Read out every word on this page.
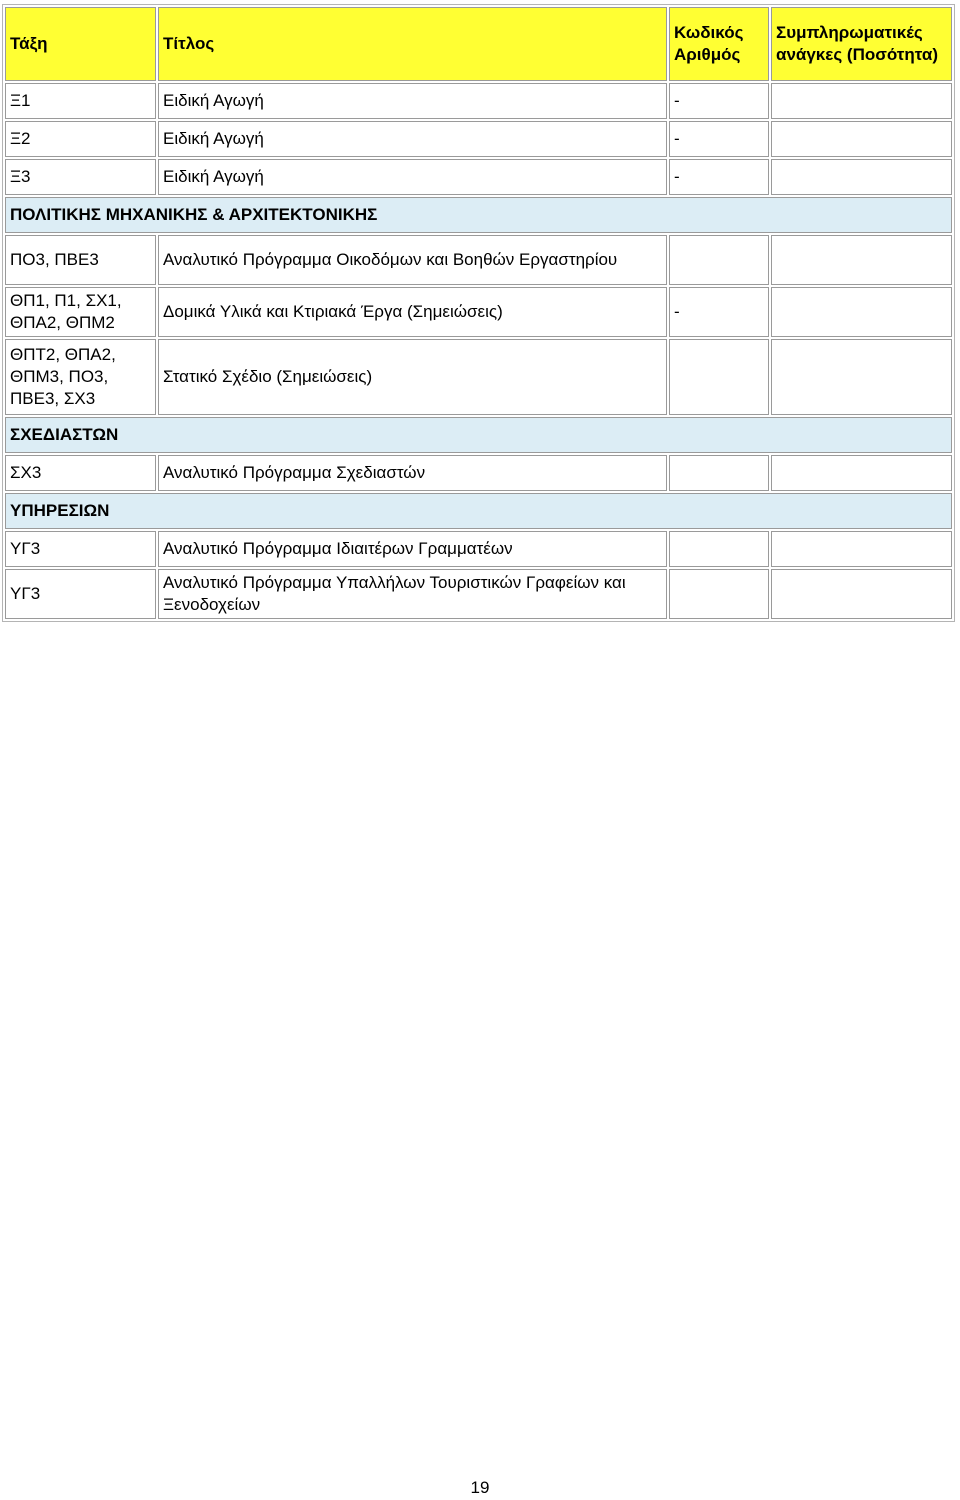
Τάξη	Τίτλος	Κωδικός Αριθμός	Συμπληρωματικές ανάγκες (Ποσότητα)
Ξ1	Ειδική Αγωγή	-	
Ξ2	Ειδική Αγωγή	-	
Ξ3	Ειδική Αγωγή	-	
ΠΟΛΙΤΙΚΗΣ ΜΗΧΑΝΙΚΗΣ & ΑΡΧΙΤΕΚΤΟΝΙΚΗΣ			
ΠΟ3, ΠΒΕ3	Αναλυτικό Πρόγραμμα Οικοδόμων και Βοηθών Εργαστηρίου		
ΘΠ1, Π1, ΣΧ1, ΘΠΑ2, ΘΠΜ2	Δομικά Υλικά και Κτιριακά Έργα (Σημειώσεις)	-	
ΘΠΤ2, ΘΠΑ2, ΘΠΜ3, ΠΟ3, ΠΒΕ3, ΣΧ3	Στατικό Σχέδιο (Σημειώσεις)		
ΣΧΕΔΙΑΣΤΩΝ			
ΣΧ3	Αναλυτικό Πρόγραμμα Σχεδιαστών		
ΥΠΗΡΕΣΙΩΝ			
ΥΓ3	Αναλυτικό Πρόγραμμα Ιδιαιτέρων Γραμματέων		
ΥΓ3	Αναλυτικό Πρόγραμμα Υπαλλήλων Τουριστικών Γραφείων και Ξενοδοχείων		
19
